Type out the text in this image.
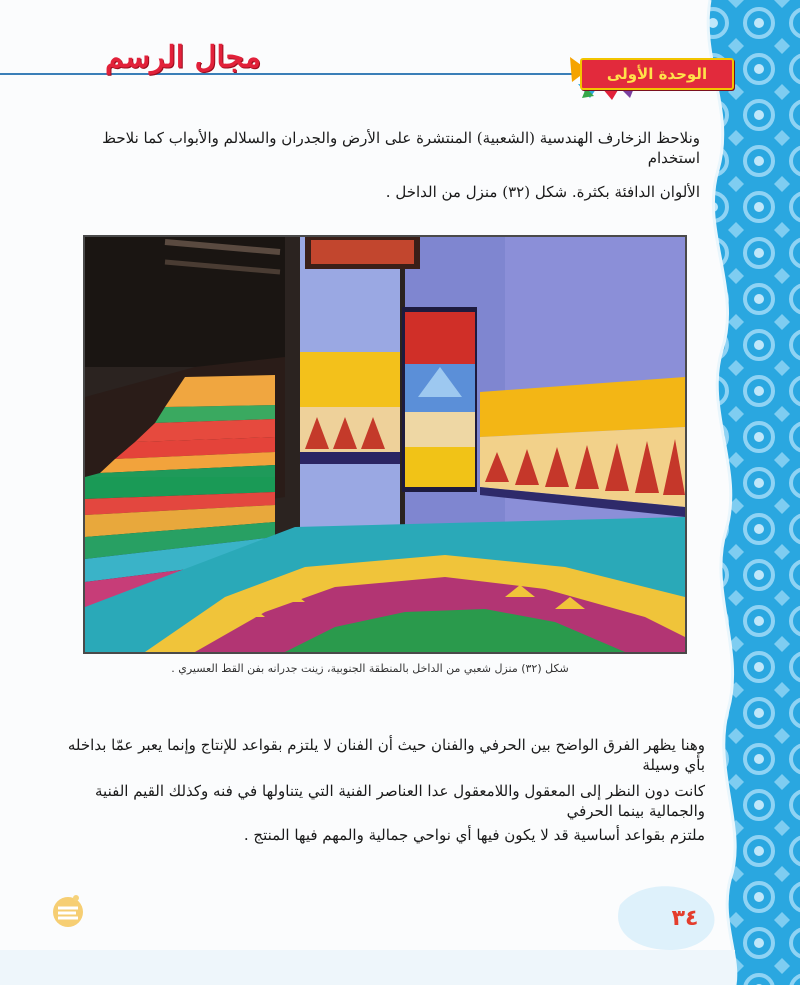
مجال الرسم	الوحدة الأولى
ونلاحظ الزخارف الهندسية (الشعبية) المنتشرة على الأرض والجدران والسلالم والأبواب كما نلاحظ استخدام
الألوان الدافئة بكثرة. شكل (٣٢) منزل من الداخل .
شكل (٣٢) منزل شعبي من الداخل بالمنطقة الجنوبية، زينت جدرانه بفن القط العسيري .
وهنا يظهر الفرق الواضح بين الحرفي والفنان حيث أن الفنان لا يلتزم بقواعد للإنتاج وإنما يعبر عمّا بداخله بأي وسيلة
كانت دون النظر إلى المعقول واللامعقول عدا العناصر الفنية التي يتناولها في فنه وكذلك القيم الفنية والجمالية بينما الحرفي
ملتزم بقواعد أساسية قد لا يكون فيها أي نواحي جمالية والمهم فيها المنتج .
٣٤
